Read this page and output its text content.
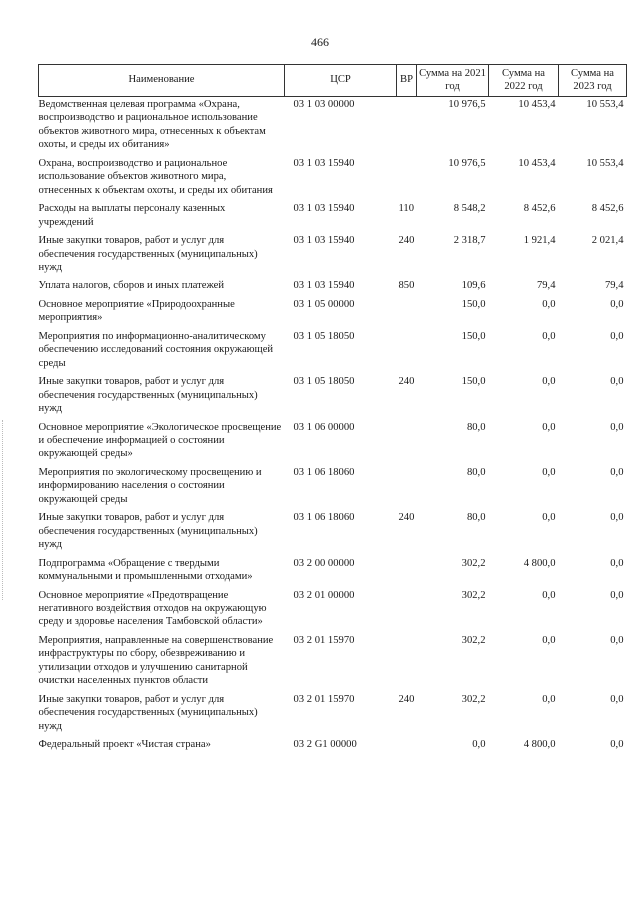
466
Наименование	ЦСР	ВР	Сумма на 2021 год	Сумма на 2022 год	Сумма на 2023 год
Ведомственная целевая программа «Охрана, воспроизводство и рациональное использование объектов животного мира, отнесенных к объектам охоты, и среды их обитания»	03 1 03 00000		10 976,5	10 453,4	10 553,4
Охрана, воспроизводство и рациональное использование объектов животного мира, отнесенных к объектам охоты, и среды их обитания	03 1 03 15940		10 976,5	10 453,4	10 553,4
Расходы на выплаты персоналу казенных учреждений	03 1 03 15940	110	8 548,2	8 452,6	8 452,6
Иные закупки товаров, работ и услуг для обеспечения государственных (муниципальных) нужд	03 1 03 15940	240	2 318,7	1 921,4	2 021,4
Уплата налогов, сборов и иных платежей	03 1 03 15940	850	109,6	79,4	79,4
Основное мероприятие «Природоохранные мероприятия»	03 1 05 00000		150,0	0,0	0,0
Мероприятия по информационно-аналитическому обеспечению исследований состояния окружающей среды	03 1 05 18050		150,0	0,0	0,0
Иные закупки товаров, работ и услуг для обеспечения государственных (муниципальных) нужд	03 1 05 18050	240	150,0	0,0	0,0
Основное мероприятие «Экологическое просвещение и обеспечение информацией о состоянии окружающей среды»	03 1 06 00000		80,0	0,0	0,0
Мероприятия по экологическому просвещению и информированию населения о состоянии окружающей среды	03 1 06 18060		80,0	0,0	0,0
Иные закупки товаров, работ и услуг для обеспечения государственных (муниципальных) нужд	03 1 06 18060	240	80,0	0,0	0,0
Подпрограмма «Обращение с твердыми коммунальными и промышленными отходами»	03 2 00 00000		302,2	4 800,0	0,0
Основное мероприятие «Предотвращение негативного воздействия отходов на окружающую среду и здоровье населения Тамбовской области»	03 2 01 00000		302,2	0,0	0,0
Мероприятия, направленные на совершенствование инфраструктуры по сбору, обезвреживанию и утилизации отходов и улучшению санитарной очистки населенных пунктов области	03 2 01 15970		302,2	0,0	0,0
Иные закупки товаров, работ и услуг для обеспечения государственных (муниципальных) нужд	03 2 01 15970	240	302,2	0,0	0,0
Федеральный проект «Чистая страна»	03 2 G1 00000		0,0	4 800,0	0,0
